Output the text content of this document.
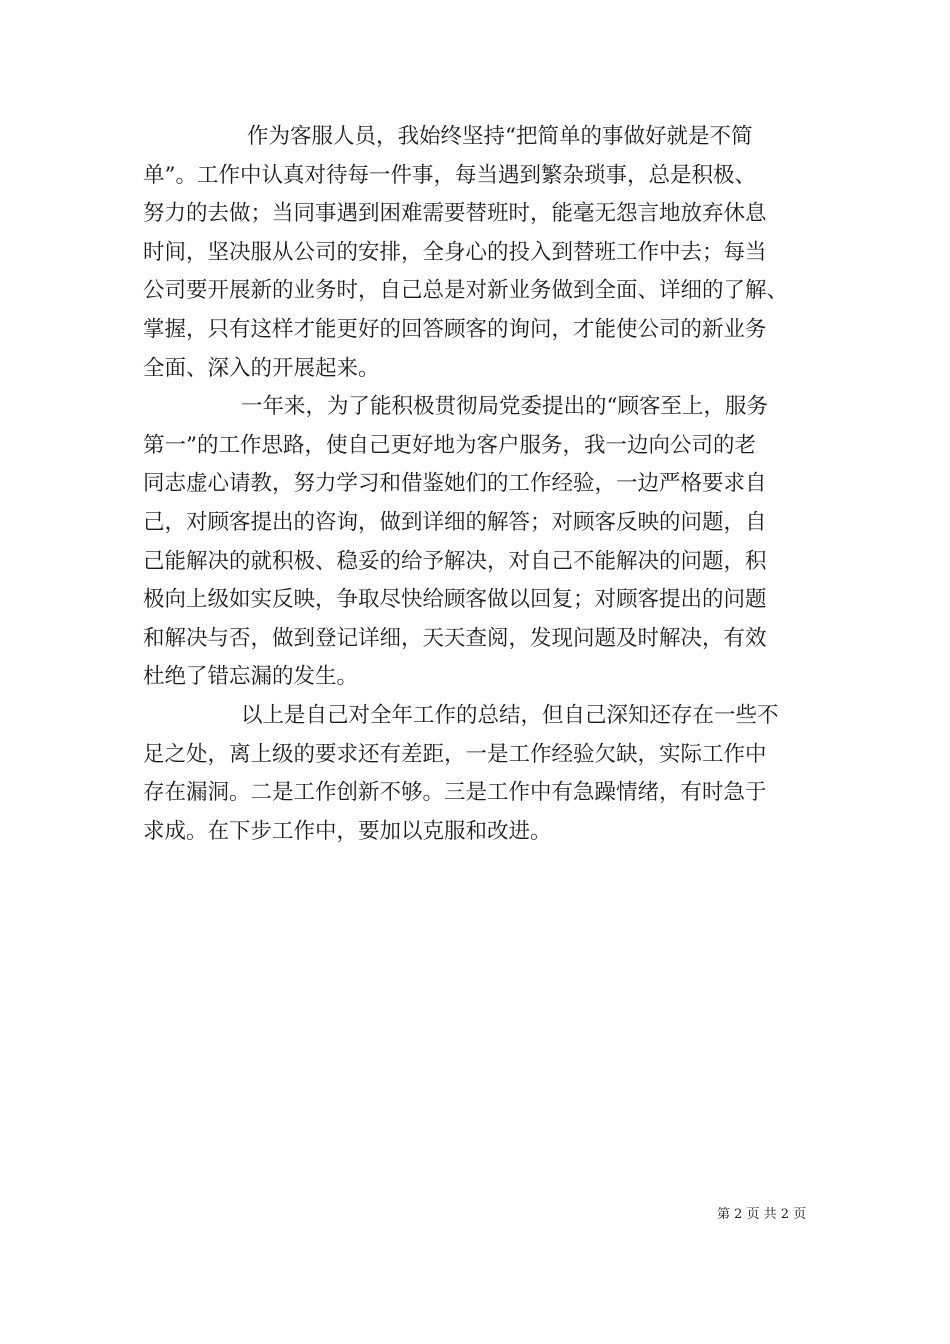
作为客服人员，我始终坚持“把简单的事做好就是不简
单”。工作中认真对待每一件事，每当遇到繁杂琐事，总是积极、
努力的去做；当同事遇到困难需要替班时，能毫无怨言地放弃休息
时间，坚决服从公司的安排，全身心的投入到替班工作中去；每当
公司要开展新的业务时，自己总是对新业务做到全面、详细的了解、
掌握，只有这样才能更好的回答顾客的询问，才能使公司的新业务
全面、深入的开展起来。
一年来，为了能积极贯彻局党委提出的“顾客至上，服务
第一”的工作思路，使自己更好地为客户服务，我一边向公司的老
同志虚心请教，努力学习和借鉴她们的工作经验，一边严格要求自
己，对顾客提出的咨询，做到详细的解答；对顾客反映的问题，自
己能解决的就积极、稳妥的给予解决，对自己不能解决的问题，积
极向上级如实反映，争取尽快给顾客做以回复；对顾客提出的问题
和解决与否，做到登记详细，天天查阅，发现问题及时解决，有效
杜绝了错忘漏的发生。
以上是自己对全年工作的总结，但自己深知还存在一些不
足之处，离上级的要求还有差距，一是工作经验欠缺，实际工作中
存在漏洞。二是工作创新不够。三是工作中有急躁情绪，有时急于
求成。在下步工作中，要加以克服和改进。
第 2 页 共 2 页
